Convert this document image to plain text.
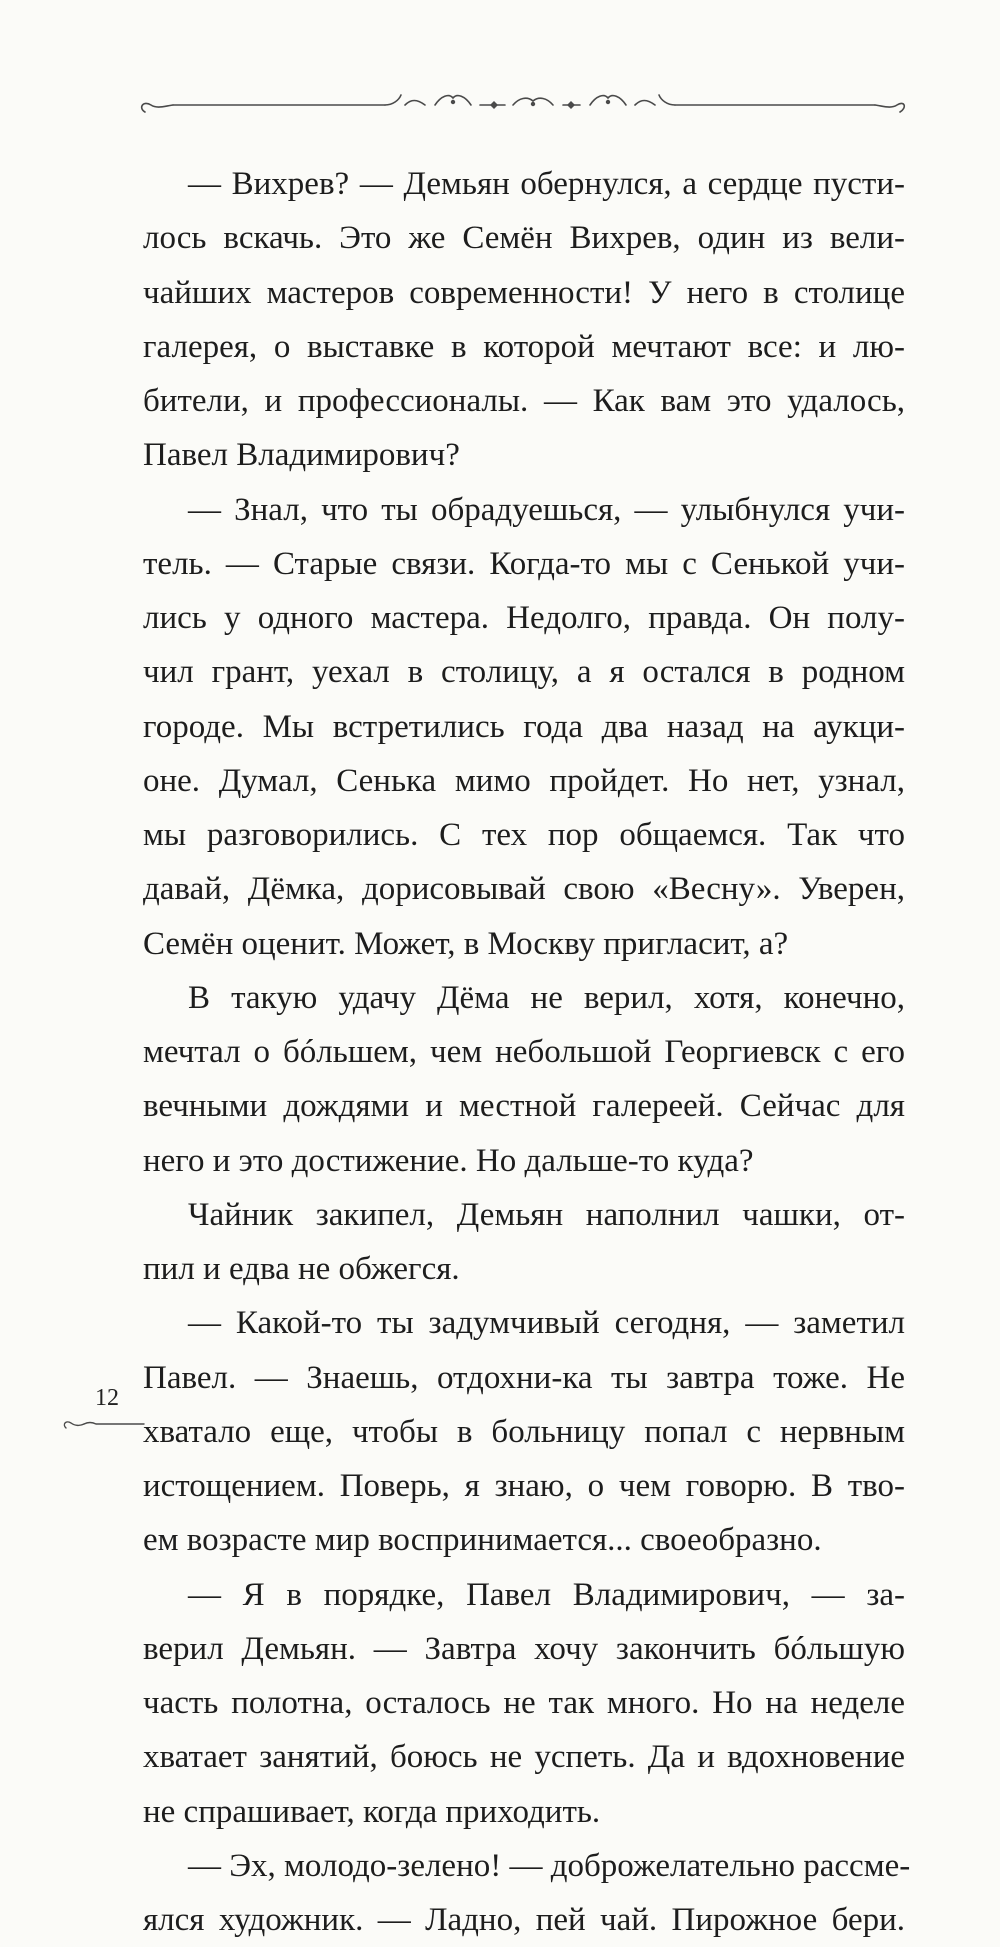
— Вихрев? — Демьян обернулся, а сердце пусти-
лось вскачь. Это же Семён Вихрев, один из вели-
чайших мастеров современности! У него в столице
галерея, о выставке в которой мечтают все: и лю-
бители, и профессионалы. — Как вам это удалось,
Павел Владимирович?
— Знал, что ты обрадуешься, — улыбнулся учи-
тель. — Старые связи. Когда-то мы с Сенькой учи-
лись у одного мастера. Недолго, правда. Он полу-
чил грант, уехал в столицу, а я остался в родном
городе. Мы встретились года два назад на аукци-
оне. Думал, Сенька мимо пройдет. Но нет, узнал,
мы разговорились. С тех пор общаемся. Так что
давай, Дёмка, дорисовывай свою «Весну». Уверен,
Семён оценит. Может, в Москву пригласит, а?
В такую удачу Дёма не верил, хотя, конечно,
мечтал о бóльшем, чем небольшой Георгиевск с его
вечными дождями и местной галереей. Сейчас для
него и это достижение. Но дальше-то куда?
Чайник закипел, Демьян наполнил чашки, от-
пил и едва не обжегся.
— Какой-то ты задумчивый сегодня, — заметил
Павел. — Знаешь, отдохни-ка ты завтра тоже. Не
хватало еще, чтобы в больницу попал с нервным
истощением. Поверь, я знаю, о чем говорю. В тво-
ем возрасте мир воспринимается... своеобразно.
— Я в порядке, Павел Владимирович, — за-
верил Демьян. — Завтра хочу закончить бóльшую
часть полотна, осталось не так много. Но на неделе
хватает занятий, боюсь не успеть. Да и вдохновение
не спрашивает, когда приходить.
— Эх, молодо-зелено! — доброжелательно рассме-
ялся художник. — Ладно, пей чай. Пирожное бери.
12
